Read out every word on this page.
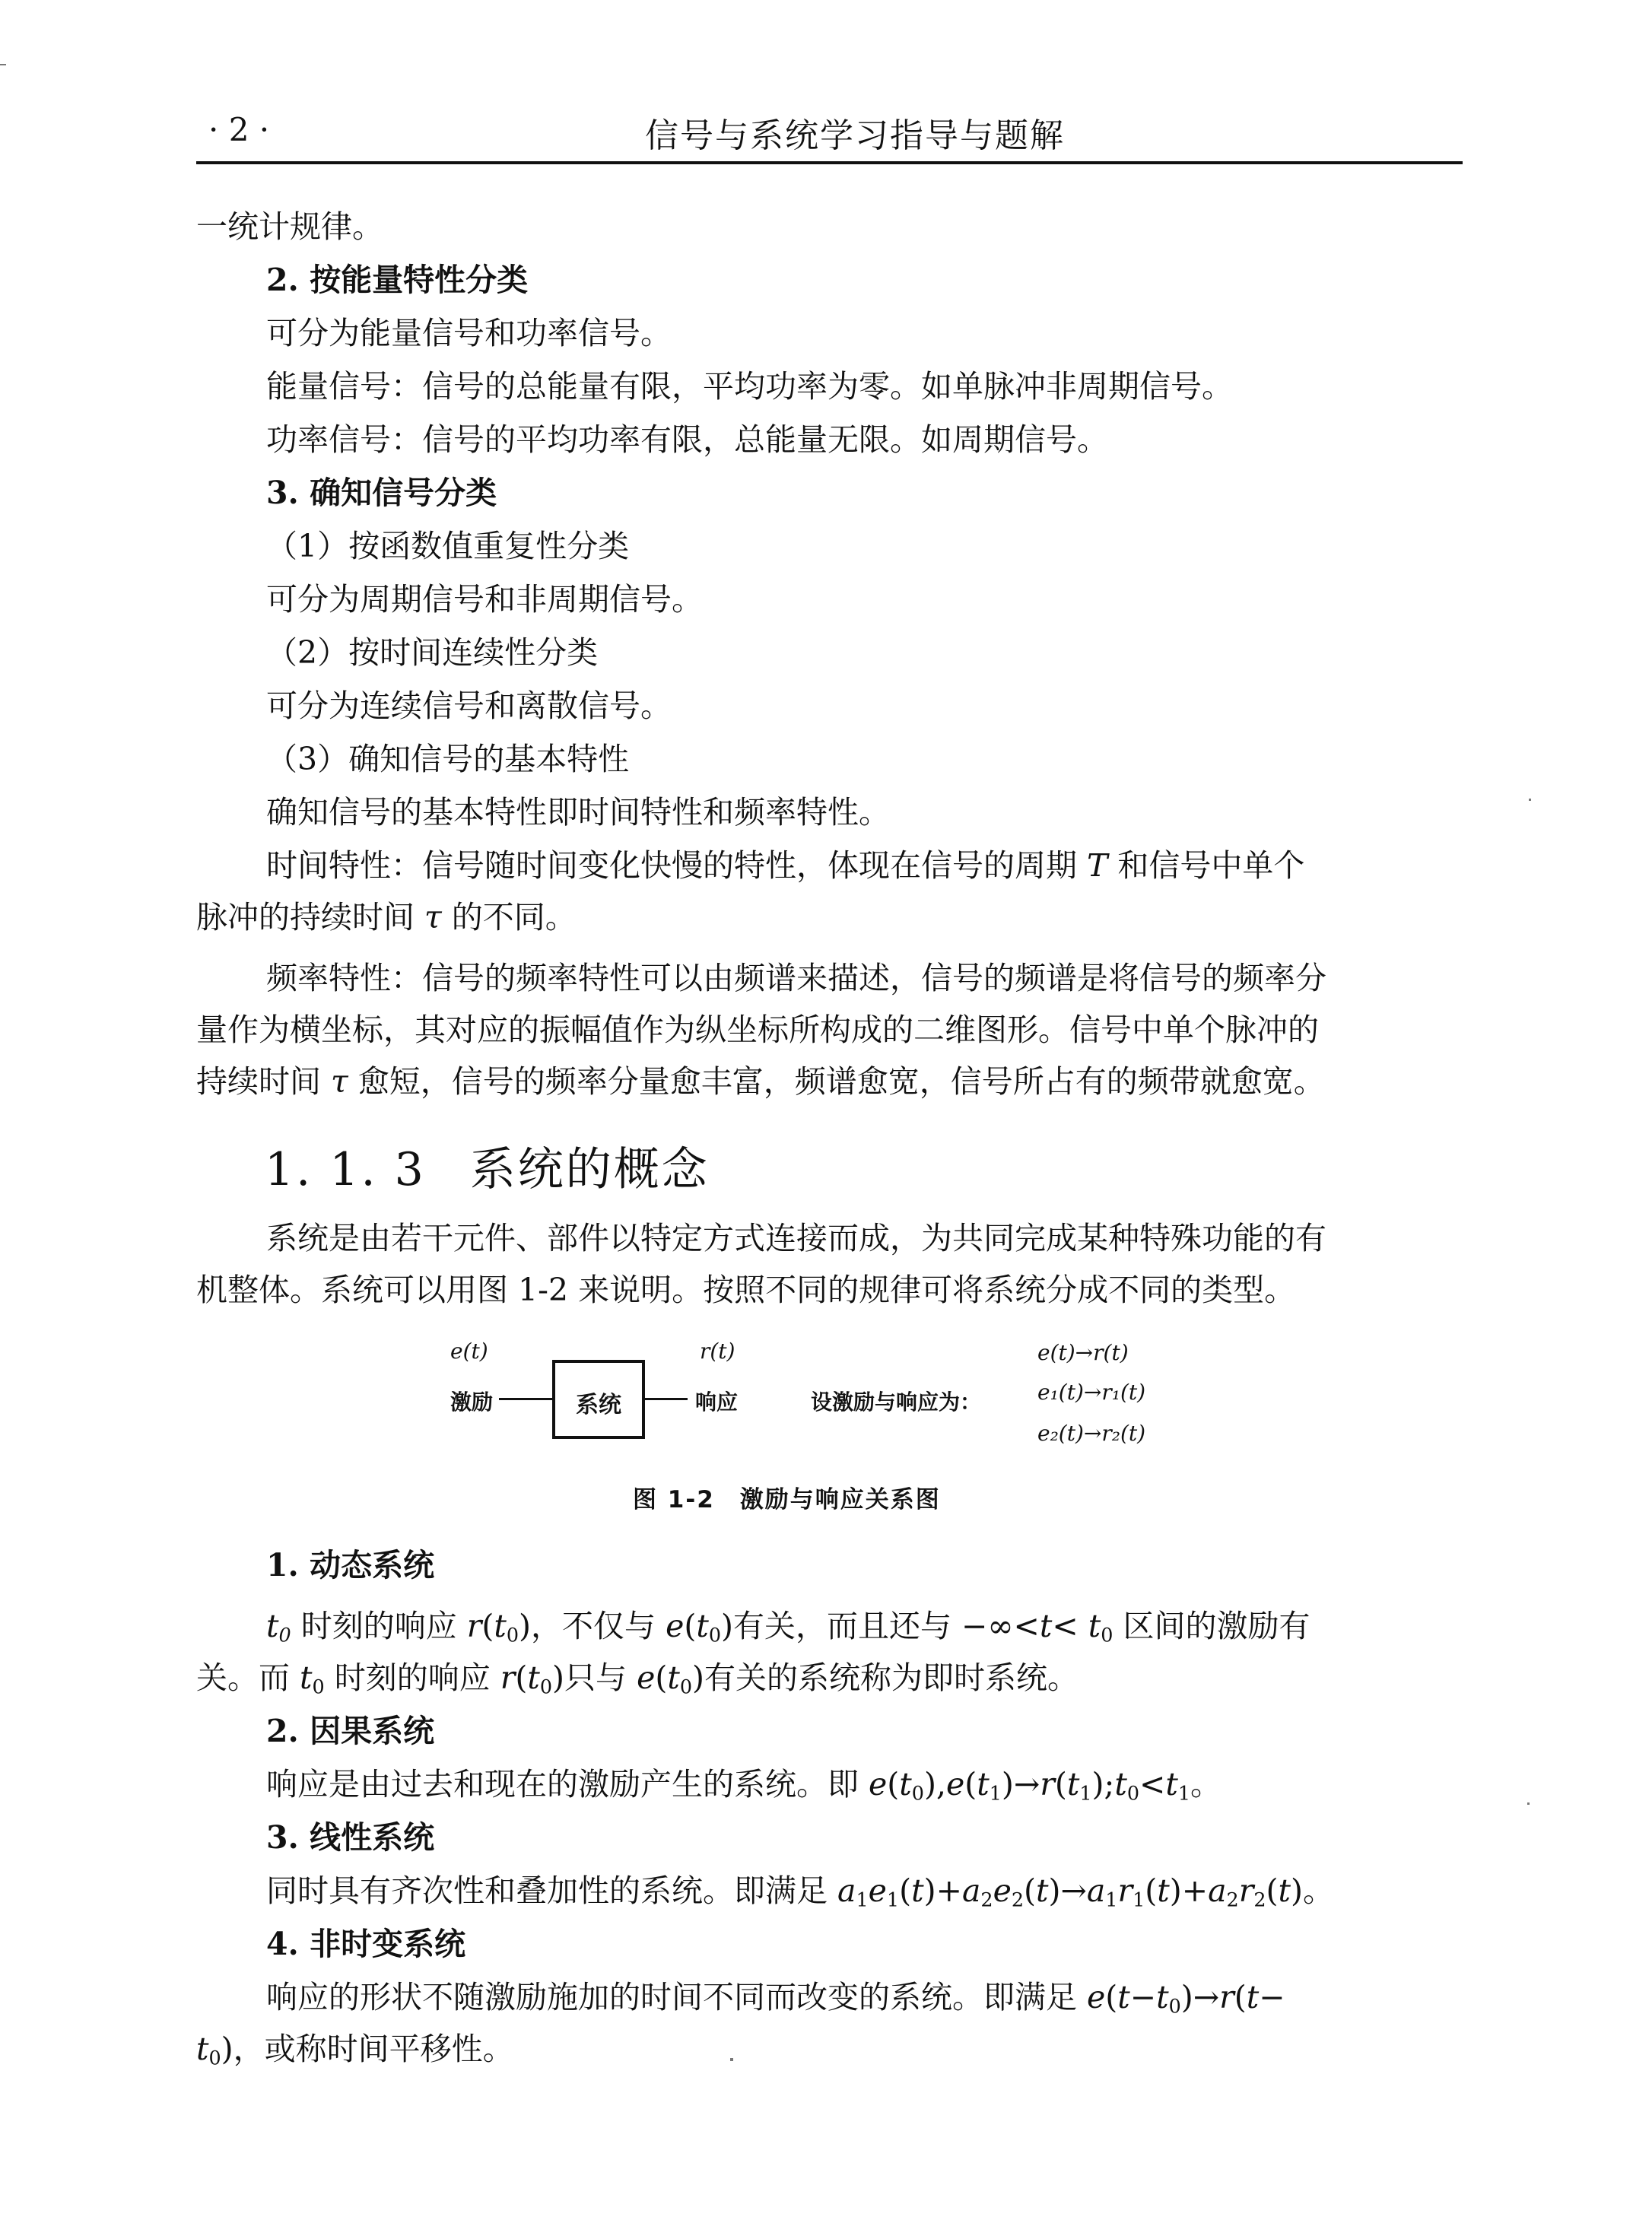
· 2 ·	信号与系统学习指导与题解
一统计规律。
2. 按能量特性分类
可分为能量信号和功率信号。
能量信号：信号的总能量有限，平均功率为零。如单脉冲非周期信号。
功率信号：信号的平均功率有限，总能量无限。如周期信号。
3. 确知信号分类
（1）按函数值重复性分类
可分为周期信号和非周期信号。
（2）按时间连续性分类
可分为连续信号和离散信号。
（3）确知信号的基本特性
确知信号的基本特性即时间特性和频率特性。
时间特性：信号随时间变化快慢的特性，体现在信号的周期 T 和信号中单个
脉冲的持续时间 τ 的不同。
频率特性：信号的频率特性可以由频谱来描述，信号的频谱是将信号的频率分
量作为横坐标，其对应的振幅值作为纵坐标所构成的二维图形。信号中单个脉冲的
持续时间 τ 愈短，信号的频率分量愈丰富，频谱愈宽，信号所占有的频带就愈宽。
1. 1. 3 系统的概念
系统是由若干元件、部件以特定方式连接而成，为共同完成某种特殊功能的有
机整体。系统可以用图 1-2 来说明。按照不同的规律可将系统分成不同的类型。
e(t)
激励	系统
r(t)
响应	设激励与响应为：
e(t)→r(t)
e₁(t)→r₁(t)
e₂(t)→r₂(t)
图 1-2　激励与响应关系图
1. 动态系统
$t_0$ 时刻的响应 $r(t_0)$，不仅与 $e(t_0)$有关，而且还与 $-\infty<t< t_0$ 区间的激励有
关。而 $t_0$ 时刻的响应 $r(t_0)$只与 $e(t_0)$有关的系统称为即时系统。
2. 因果系统
响应是由过去和现在的激励产生的系统。即 $e(t_0),e(t_1)\to r(t_1);t_0<t_1$。
3. 线性系统
同时具有齐次性和叠加性的系统。即满足 $a_1e_1(t)+a_2e_2(t)\to a_1r_1(t)+a_2r_2(t)$。
4. 非时变系统
响应的形状不随激励施加的时间不同而改变的系统。即满足 $e(t-t_0)\to r(t-$
$t_0$)，或称时间平移性。
